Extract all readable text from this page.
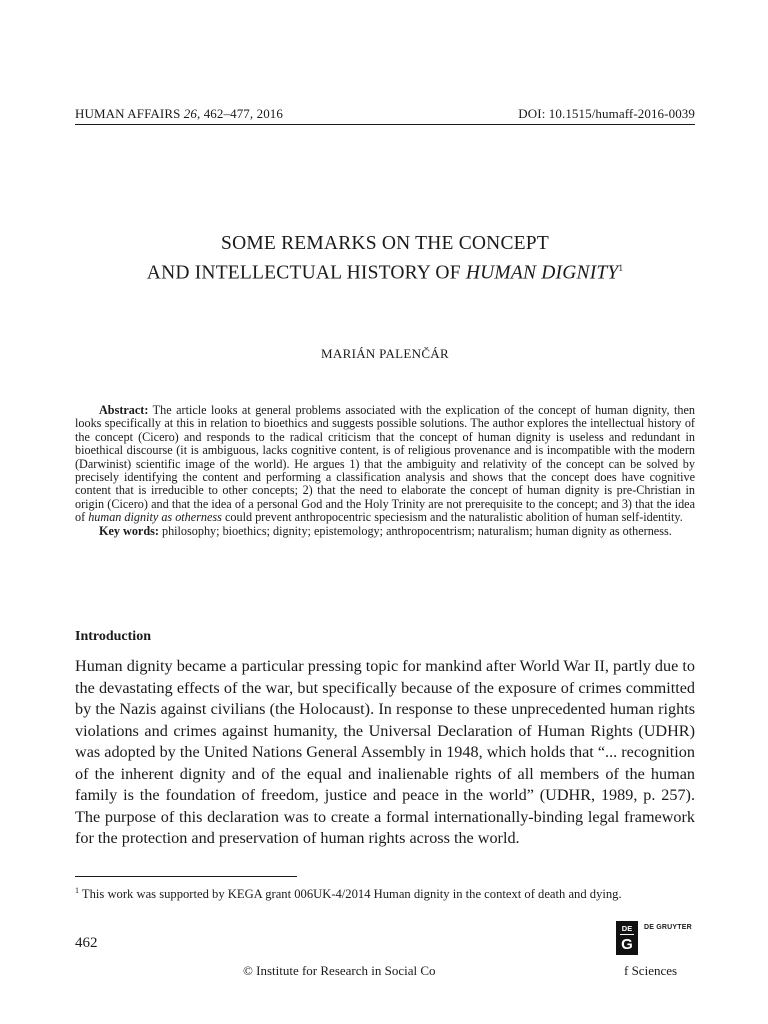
HUMAN AFFAIRS 26, 462–477, 2016	DOI: 10.1515/humaff-2016-0039
SOME REMARKS ON THE CONCEPT
AND INTELLECTUAL HISTORY OF HUMAN DIGNITY$^1$
MARIÁN PALENČÁR

Abstract: The article looks at general problems associated with the explication of the concept of human dignity, then looks specifically at this in relation to bioethics and suggests possible solutions. The author explores the intellectual history of the concept (Cicero) and responds to the radical criticism that the concept of human dignity is useless and redundant in bioethical discourse (it is ambiguous, lacks cognitive content, is of religious provenance and is incompatible with the modern (Darwinist) scientific image of the world). He argues 1) that the ambiguity and relativity of the concept can be solved by precisely identifying the content and performing a classification analysis and shows that the concept does have cognitive content that is irreducible to other concepts; 2) that the need to elaborate the concept of human dignity is pre-Christian in origin (Cicero) and that the idea of a personal God and the Holy Trinity are not prerequisite to the concept; and 3) that the idea of human dignity as otherness could prevent anthropocentric speciesism and the naturalistic abolition of human self-identity.

Key words: philosophy; bioethics; dignity; epistemology; anthropocentrism; naturalism; human dignity as otherness.

Introduction

Human dignity became a particular pressing topic for mankind after World War II, partly due to the devastating effects of the war, but specifically because of the exposure of crimes committed by the Nazis against civilians (the Holocaust). In response to these unprecedented human rights violations and crimes against humanity, the Universal Declaration of Human Rights (UDHR) was adopted by the United Nations General Assembly in 1948, which holds that “... recognition of the inherent dignity and of the equal and inalienable rights of all members of the human family is the foundation of freedom, justice and peace in the world” (UDHR, 1989, p. 257). The purpose of this declaration was to create a formal internationally-binding legal framework for the protection and preservation of human rights across the world.

$^1$ This work was supported by KEGA grant 006UK-4/2014 Human dignity in the context of death and dying.

462
DE
G
DE GRUYTER
© Institute for Research in Social Co	f Sciences
